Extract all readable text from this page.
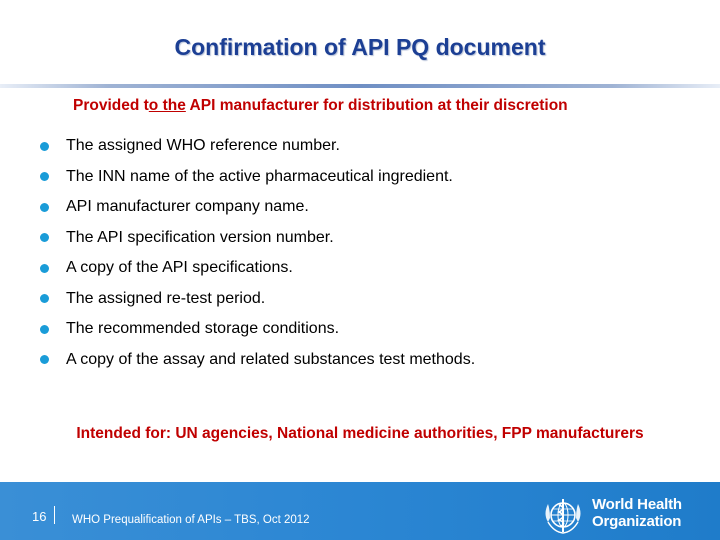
Confirmation of API PQ document
Provided to the API manufacturer for distribution at their discretion
The assigned WHO reference number.
The INN name of the active pharmaceutical ingredient.
API manufacturer company name.
The API specification version number.
A copy of the API specifications.
The assigned re-test period.
The recommended storage conditions.
A copy of the assay and related substances test methods.
Intended for: UN agencies, National medicine authorities, FPP manufacturers
16 WHO Prequalification of APIs – TBS, Oct 2012
World Health
Organization
